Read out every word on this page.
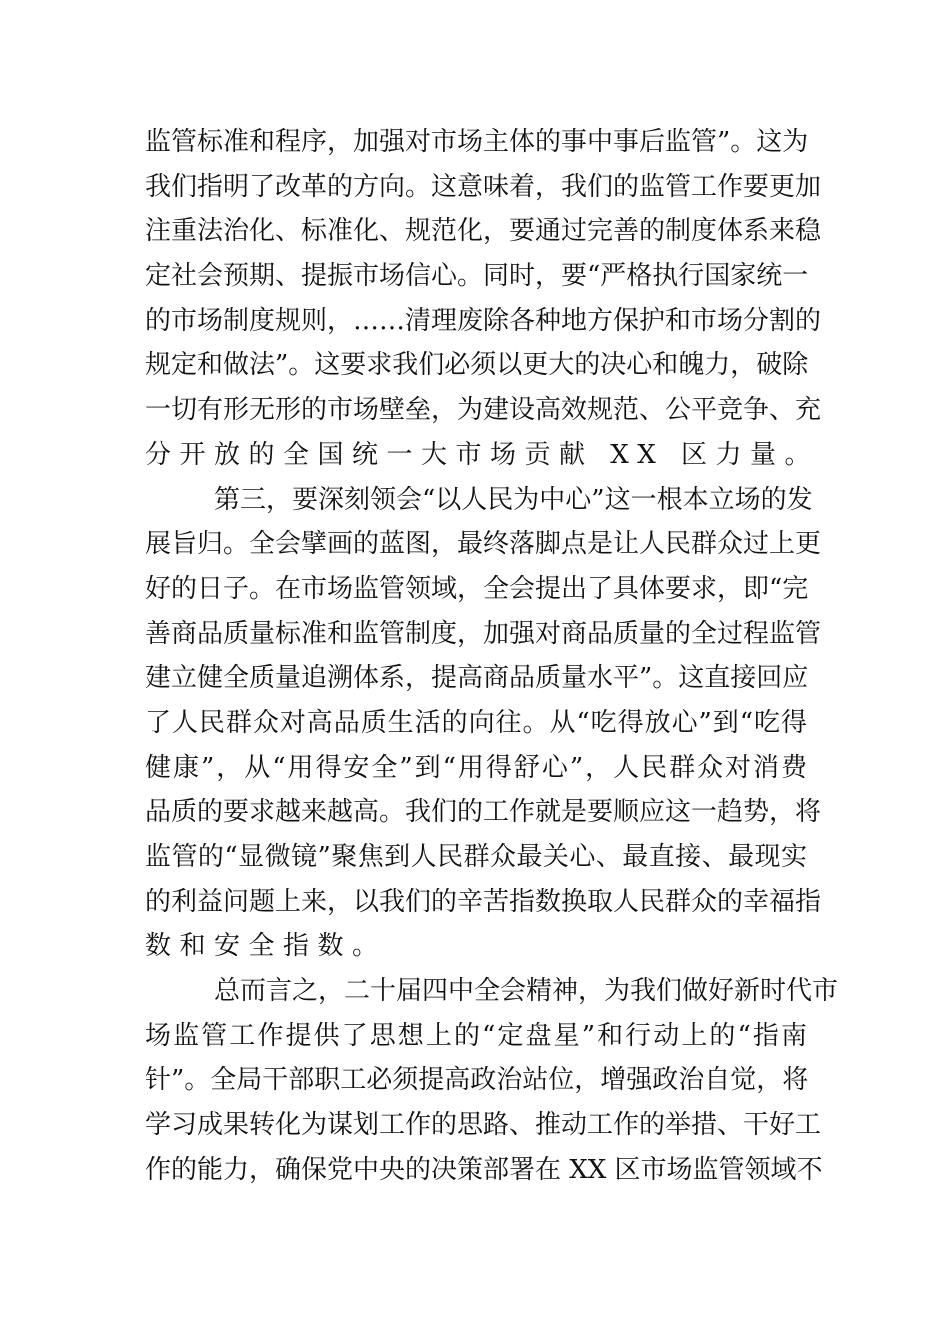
监管标准和程序，加强对市场主体的事中事后监管”。这为
我们指明了改革的方向。这意味着，我们的监管工作要更加
注重法治化、标准化、规范化，要通过完善的制度体系来稳
定社会预期、提振市场信心。同时，要“严格执行国家统一
的市场制度规则，……清理废除各种地方保护和市场分割的
规定和做法”。这要求我们必须以更大的决心和魄力，破除
一切有形无形的市场壁垒，为建设高效规范、公平竞争、充
分开放的全国统一大市场贡献 XX 区力量。
第三，要深刻领会“以人民为中心”这一根本立场的发
展旨归。全会擘画的蓝图，最终落脚点是让人民群众过上更
好的日子。在市场监管领域，全会提出了具体要求，即“完
善商品质量标准和监管制度，加强对商品质量的全过程监管
建立健全质量追溯体系，提高商品质量水平”。这直接回应
了人民群众对高品质生活的向往。从“吃得放心”到“吃得
健康”，从“用得安全”到“用得舒心”，人民群众对消费
品质的要求越来越高。我们的工作就是要顺应这一趋势，将
监管的“显微镜”聚焦到人民群众最关心、最直接、最现实
的利益问题上来，以我们的辛苦指数换取人民群众的幸福指
数和安全指数。
总而言之，二十届四中全会精神，为我们做好新时代市
场监管工作提供了思想上的“定盘星”和行动上的“指南
针”。全局干部职工必须提高政治站位，增强政治自觉，将
学习成果转化为谋划工作的思路、推动工作的举措、干好工
作的能力，确保党中央的决策部署在 XX 区市场监管领域不
